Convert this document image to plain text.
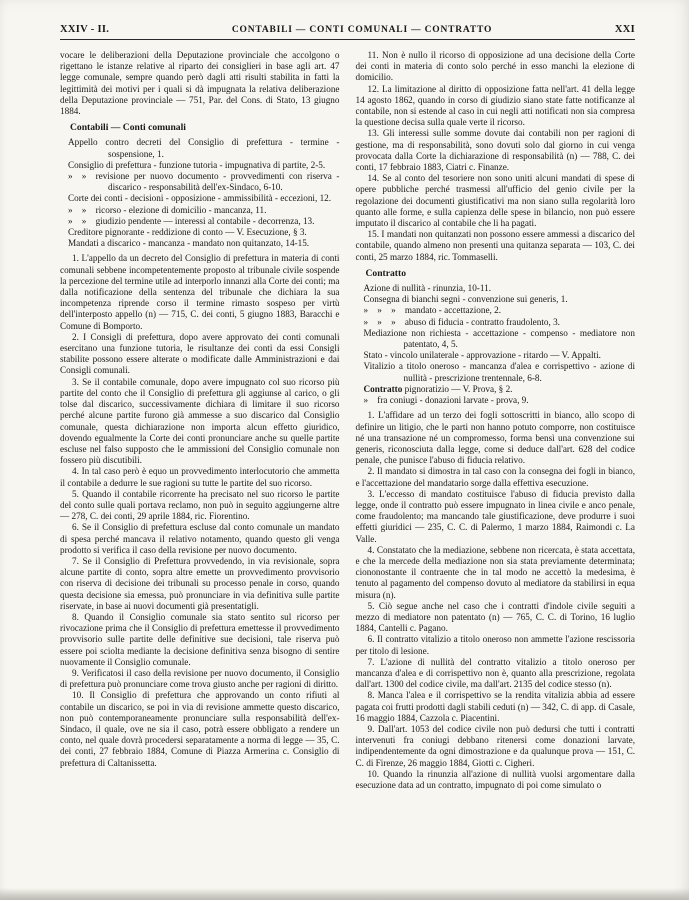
XXIV - II.	CONTABILI — CONTI COMUNALI — CONTRATTO	XXI
vocare le deliberazioni della Deputazione provinciale che accolgono o rigettano le istanze relative al riparto dei consiglieri in base agli art. 47 legge comunale, sempre quando però dagli atti risulti stabilita in fatti la legittimità dei motivi per i quali si dà impugnata la relativa deliberazione della Deputazione provinciale — 751, Par. del Cons. di Stato, 13 giugno 1884.
Contabili — Conti comunali
Appello contro decreti del Consiglio di prefettura - termine - sospensione, 1.
Consiglio di prefettura - funzione tutoria - impugnativa di partite, 2-5.
» » revisione per nuovo documento - provvedimenti con riserva - discarico - responsabilità dell'ex-Sindaco, 6-10.
Corte dei conti - decisioni - opposizione - ammissibilità - eccezioni, 12.
» » ricorso - elezione di domicilio - mancanza, 11.
» » giudizio pendente — interessi al contabile - decorrenza, 13.
Creditore pignorante - reddizione di conto — V. Esecuzione, § 3.
Mandati a discarico - mancanza - mandato non quitanzato, 14-15.
1. L'appello da un decreto del Consiglio di prefettura in materia di conti comunali sebbene incompetentemente proposto al tribunale civile sospende la percezione del termine utile ad interporlo innanzi alla Corte dei conti; ma dalla notificazione della sentenza del tribunale che dichiara la sua incompetenza riprende corso il termine rimasto sospeso per virtù dell'interposto appello (n) — 715, C. dei conti, 5 giugno 1883, Baracchi e Comune di Bomporto.
2. I Consigli di prefettura, dopo avere approvato dei conti comunali esercitano una funzione tutoria, le risultanze dei conti da essi Consigli stabilite possono essere alterate o modificate dalle Amministrazioni e dai Consigli comunali.
3. Se il contabile comunale, dopo avere impugnato col suo ricorso più partite del conto che il Consiglio di prefettura gli aggiunse al carico, o gli tolse dal discarico, successivamente dichiara di limitare il suo ricorso perché alcune partite furono già ammesse a suo discarico dal Consiglio comunale, questa dichiarazione non importa alcun effetto giuridico, dovendo egualmente la Corte dei conti pronunciare anche su quelle partite escluse nel falso supposto che le ammissioni del Consiglio comunale non fossero più discutibili.
4. In tal caso però è equo un provvedimento interlocutorio che ammetta il contabile a dedurre le sue ragioni su tutte le partite del suo ricorso.
5. Quando il contabile ricorrente ha precisato nel suo ricorso le partite del conto sulle quali portava reclamo, non può in seguito aggiungerne altre — 278, C. dei conti, 29 aprile 1884, ric. Fiorentino.
6. Se il Consiglio di prefettura escluse dal conto comunale un mandato di spesa perché mancava il relativo notamento, quando questo gli venga prodotto si verifica il caso della revisione per nuovo documento.
7. Se il Consiglio di Prefettura provvedendo, in via revisionale, sopra alcune partite di conto, sopra altre emette un provvedimento provvisorio con riserva di decisione dei tribunali su processo penale in corso, quando questa decisione sia emessa, può pronunciare in via definitiva sulle partite riservate, in base ai nuovi documenti già presentatigli.
8. Quando il Consiglio comunale sia stato sentito sul ricorso per rivocazione prima che il Consiglio di prefettura emettesse il provvedimento provvisorio sulle partite delle definitive sue decisioni, tale riserva può essere poi sciolta mediante la decisione definitiva senza bisogno di sentire nuovamente il Consiglio comunale.
9. Verificatosi il caso della revisione per nuovo documento, il Consiglio di prefettura può pronunciare come trova giusto anche per ragioni di diritto.
10. Il Consiglio di prefettura che approvando un conto rifiuti al contabile un discarico, se poi in via di revisione ammette questo discarico, non può contemporaneamente pronunciare sulla responsabilità dell'ex-Sindaco, il quale, ove ne sia il caso, potrà essere obbligato a rendere un conto, nel quale dovrà procedersi separatamente a norma di legge — 35, C. dei conti, 27 febbraio 1884, Comune di Piazza Armerina c. Consiglio di prefettura di Caltanissetta.
11. Non è nullo il ricorso di opposizione ad una decisione della Corte dei conti in materia di conto solo perché in esso manchi la elezione di domicilio.
12. La limitazione al diritto di opposizione fatta nell'art. 41 della legge 14 agosto 1862, quando in corso di giudizio siano state fatte notificanze al contabile, non si estende al caso in cui negli atti notificati non sia compresa la questione decisa sulla quale verte il ricorso.
13. Gli interessi sulle somme dovute dai contabili non per ragioni di gestione, ma di responsabilità, sono dovuti solo dal giorno in cui venga provocata dalla Corte la dichiarazione di responsabilità (n) — 788, C. dei conti, 17 febbraio 1883, Ciatri c. Finanze.
14. Se al conto del tesoriere non sono uniti alcuni mandati di spese di opere pubbliche perché trasmessi all'ufficio del genio civile per la regolazione dei documenti giustificativi ma non siano sulla regolarità loro quanto alle forme, e sulla capienza delle spese in bilancio, non può essere imputato il discarico al contabile che li ha pagati.
15. I mandati non quitanzati non possono essere ammessi a discarico del contabile, quando almeno non presenti una quitanza separata — 103, C. dei conti, 25 marzo 1884, ric. Tommaselli.
Contratto
Azione di nullità - rinunzia, 10-11.
Consegna di bianchi segni - convenzione sui generis, 1.
» » » mandato - accettazione, 2.
» » » abuso di fiducia - contratto fraudolento, 3.
Mediazione non richiesta - accettazione - compenso - mediatore non patentato, 4, 5.
Stato - vincolo unilaterale - approvazione - ritardo — V. Appalti.
Vitalizio a titolo oneroso - mancanza d'alea e corrispettivo - azione di nullità - prescrizione trentennale, 6-8.
Contratto pignoratizio — V. Prova, § 2.
» fra coniugi - donazioni larvate - prova, 9.
1. L'affidare ad un terzo dei fogli sottoscritti in bianco, allo scopo di definire un litigio, che le parti non hanno potuto comporre, non costituisce né una transazione né un compromesso, forma bensì una convenzione sui generis, riconosciuta dalla legge, come si deduce dall'art. 628 del codice penale, che punisce l'abuso di fiducia relativo.
2. Il mandato si dimostra in tal caso con la consegna dei fogli in bianco, e l'accettazione del mandatario sorge dalla effettiva esecuzione.
3. L'eccesso di mandato costituisce l'abuso di fiducia previsto dalla legge, onde il contratto può essere impugnato in linea civile e anco penale, come fraudolento; ma mancando tale giustificazione, deve produrre i suoi effetti giuridici — 235, C. C. di Palermo, 1 marzo 1884, Raimondi c. La Valle.
4. Constatato che la mediazione, sebbene non ricercata, è stata accettata, e che la mercede della mediazione non sia stata previamente determinata; ciononostante il contraente che in tal modo ne accettò la medesima, è tenuto al pagamento del compenso dovuto al mediatore da stabilirsi in equa misura (n).
5. Ciò segue anche nel caso che i contratti d'indole civile seguiti a mezzo di mediatore non patentato (n) — 765, C. C. di Torino, 16 luglio 1884, Cantelli c. Pagano.
6. Il contratto vitalizio a titolo oneroso non ammette l'azione rescissoria per titolo di lesione.
7. L'azione di nullità del contratto vitalizio a titolo oneroso per mancanza d'alea e di corrispettivo non è, quanto alla prescrizione, regolata dall'art. 1300 del codice civile, ma dall'art. 2135 del codice stesso (n).
8. Manca l'alea e il corrispettivo se la rendita vitalizia abbia ad essere pagata coi frutti prodotti dagli stabili ceduti (n) — 342, C. di app. di Casale, 16 maggio 1884, Cazzola c. Piacentini.
9. Dall'art. 1053 del codice civile non può dedursi che tutti i contratti intervenuti fra coniugi debbano ritenersi come donazioni larvate, indipendentemente da ogni dimostrazione e da qualunque prova — 151, C. C. di Firenze, 26 maggio 1884, Giotti c. Cigheri.
10. Quando la rinunzia all'azione di nullità vuolsi argomentare dalla esecuzione data ad un contratto, impugnato di poi come simulato o
